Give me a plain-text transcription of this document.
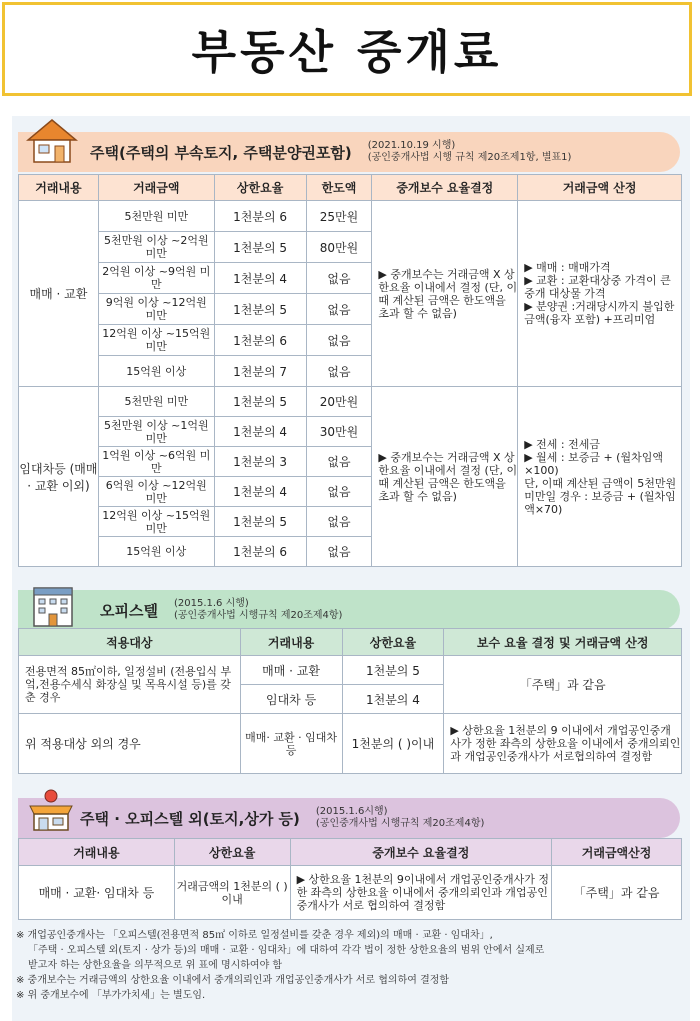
부동산 중개료
주택(주택의 부속토지, 주택분양권포함) (2021.10.19 시행)
(공인중개사법 시행 규칙 제20조제1항, 별표1)
거래내용	거래금액	상한요율	한도액	중개보수 요율결정	거래금액 산정
매매 · 교환	5천만원 미만	1천분의 6	25만원	▶ 중개보수는 거래금액 X 상한요율 이내에서 결정 (단, 이때 계산된 금액은 한도액을 초과 할 수 없음)	▶ 매매 : 매매가격
▶ 교환 : 교환대상중 가격이 큰 중개 대상물 가격
▶ 분양권 :거래당시까지 불입한 금액(융자 포함) +프리미엄

	5천만원 이상 ~2억원 미만	1천분의 5	80만원		
	2억원 이상 ~9억원 미만	1천분의 4	없음		
	9억원 이상 ~12억원 미만	1천분의 5	없음		
	12억원 이상 ~15억원 미만	1천분의 6	없음		
	15억원 이상	1천분의 7	없음		
임대차등 (매매 · 교환 이외)	5천만원 미만	1천분의 5	20만원	▶ 중개보수는 거래금액 X 상한요율 이내에서 결정 (단, 이때 계산된 금액은 한도액을 초과 할 수 없음)	▶ 전세 : 전세금
▶ 월세 : 보증금 + (월차임액×100)
단, 이때 계산된 금액이 5천만원 미만일 경우 : 보증금 + (월차임액×70)

	5천만원 이상 ~1억원 미만	1천분의 4	30만원		
	1억원 이상 ~6억원 미만	1천분의 3	없음		
	6억원 이상 ~12억원 미만	1천분의 4	없음		
	12억원 이상 ~15억원 미만	1천분의 5	없음		
	15억원 이상	1천분의 6	없음		
오피스텔 (2015.1.6 시행)
(공인중개사법 시행규칙 제20조제4항)
적용대상	거래내용	상한요율	보수 요율 결정 및 거래금액 산정
전용면적 85㎡이하, 일정설비 (전용입식 부엌,전용수세식 화장실 및 목욕시설 등)를 갖춘 경우	매매 · 교환	1천분의 5	「주택」과 같음
	임대차 등	1천분의 4	
위 적용대상 외의 경우	매매· 교환 · 임대차 등	1천분의 ( )이내	▶ 상한요율 1천분의 9 이내에서 개업공인중개사가 정한 좌측의 상한요율 이내에서 중개의뢰인과 개업공인중개사가 서로협의하여 결정함
주택 · 오피스텔 외(토지,상가 등) (2015.1.6시행)
(공인중개사법 시행규칙 제20조제4항)
거래내용	상한요율	중개보수 요율결정	거래금액산정
매매 · 교환· 임대차 등	거래금액의 1천분의 ( ) 이내	▶ 상한요율 1천분의 9이내에서 개업공인중개사가 정한 좌측의 상한요율 이내에서 중개의뢰인과 개업공인중개사가 서로 협의하여 결정함	「주택」과 같음
※ 개업공인중개사는 「오피스텔(전용면적 85㎡ 이하로 일정설비를 갖춘 경우 제외)의 매매 · 교환 · 임대차」,
「주택 · 오피스텔 외(토지 · 상가 등)의 매매 · 교환 · 임대차」에 대하여 각각 법이 정한 상한요율의 범위 안에서 실제로
받고자 하는 상한요율을 의무적으로 위 표에 명시하여야 함
※ 중개보수는 거래금액의 상한요율 이내에서 중개의뢰인과 개업공인중개사가 서로 협의하여 결정함
※ 위 중개보수에 「부가가치세」는 별도임.
